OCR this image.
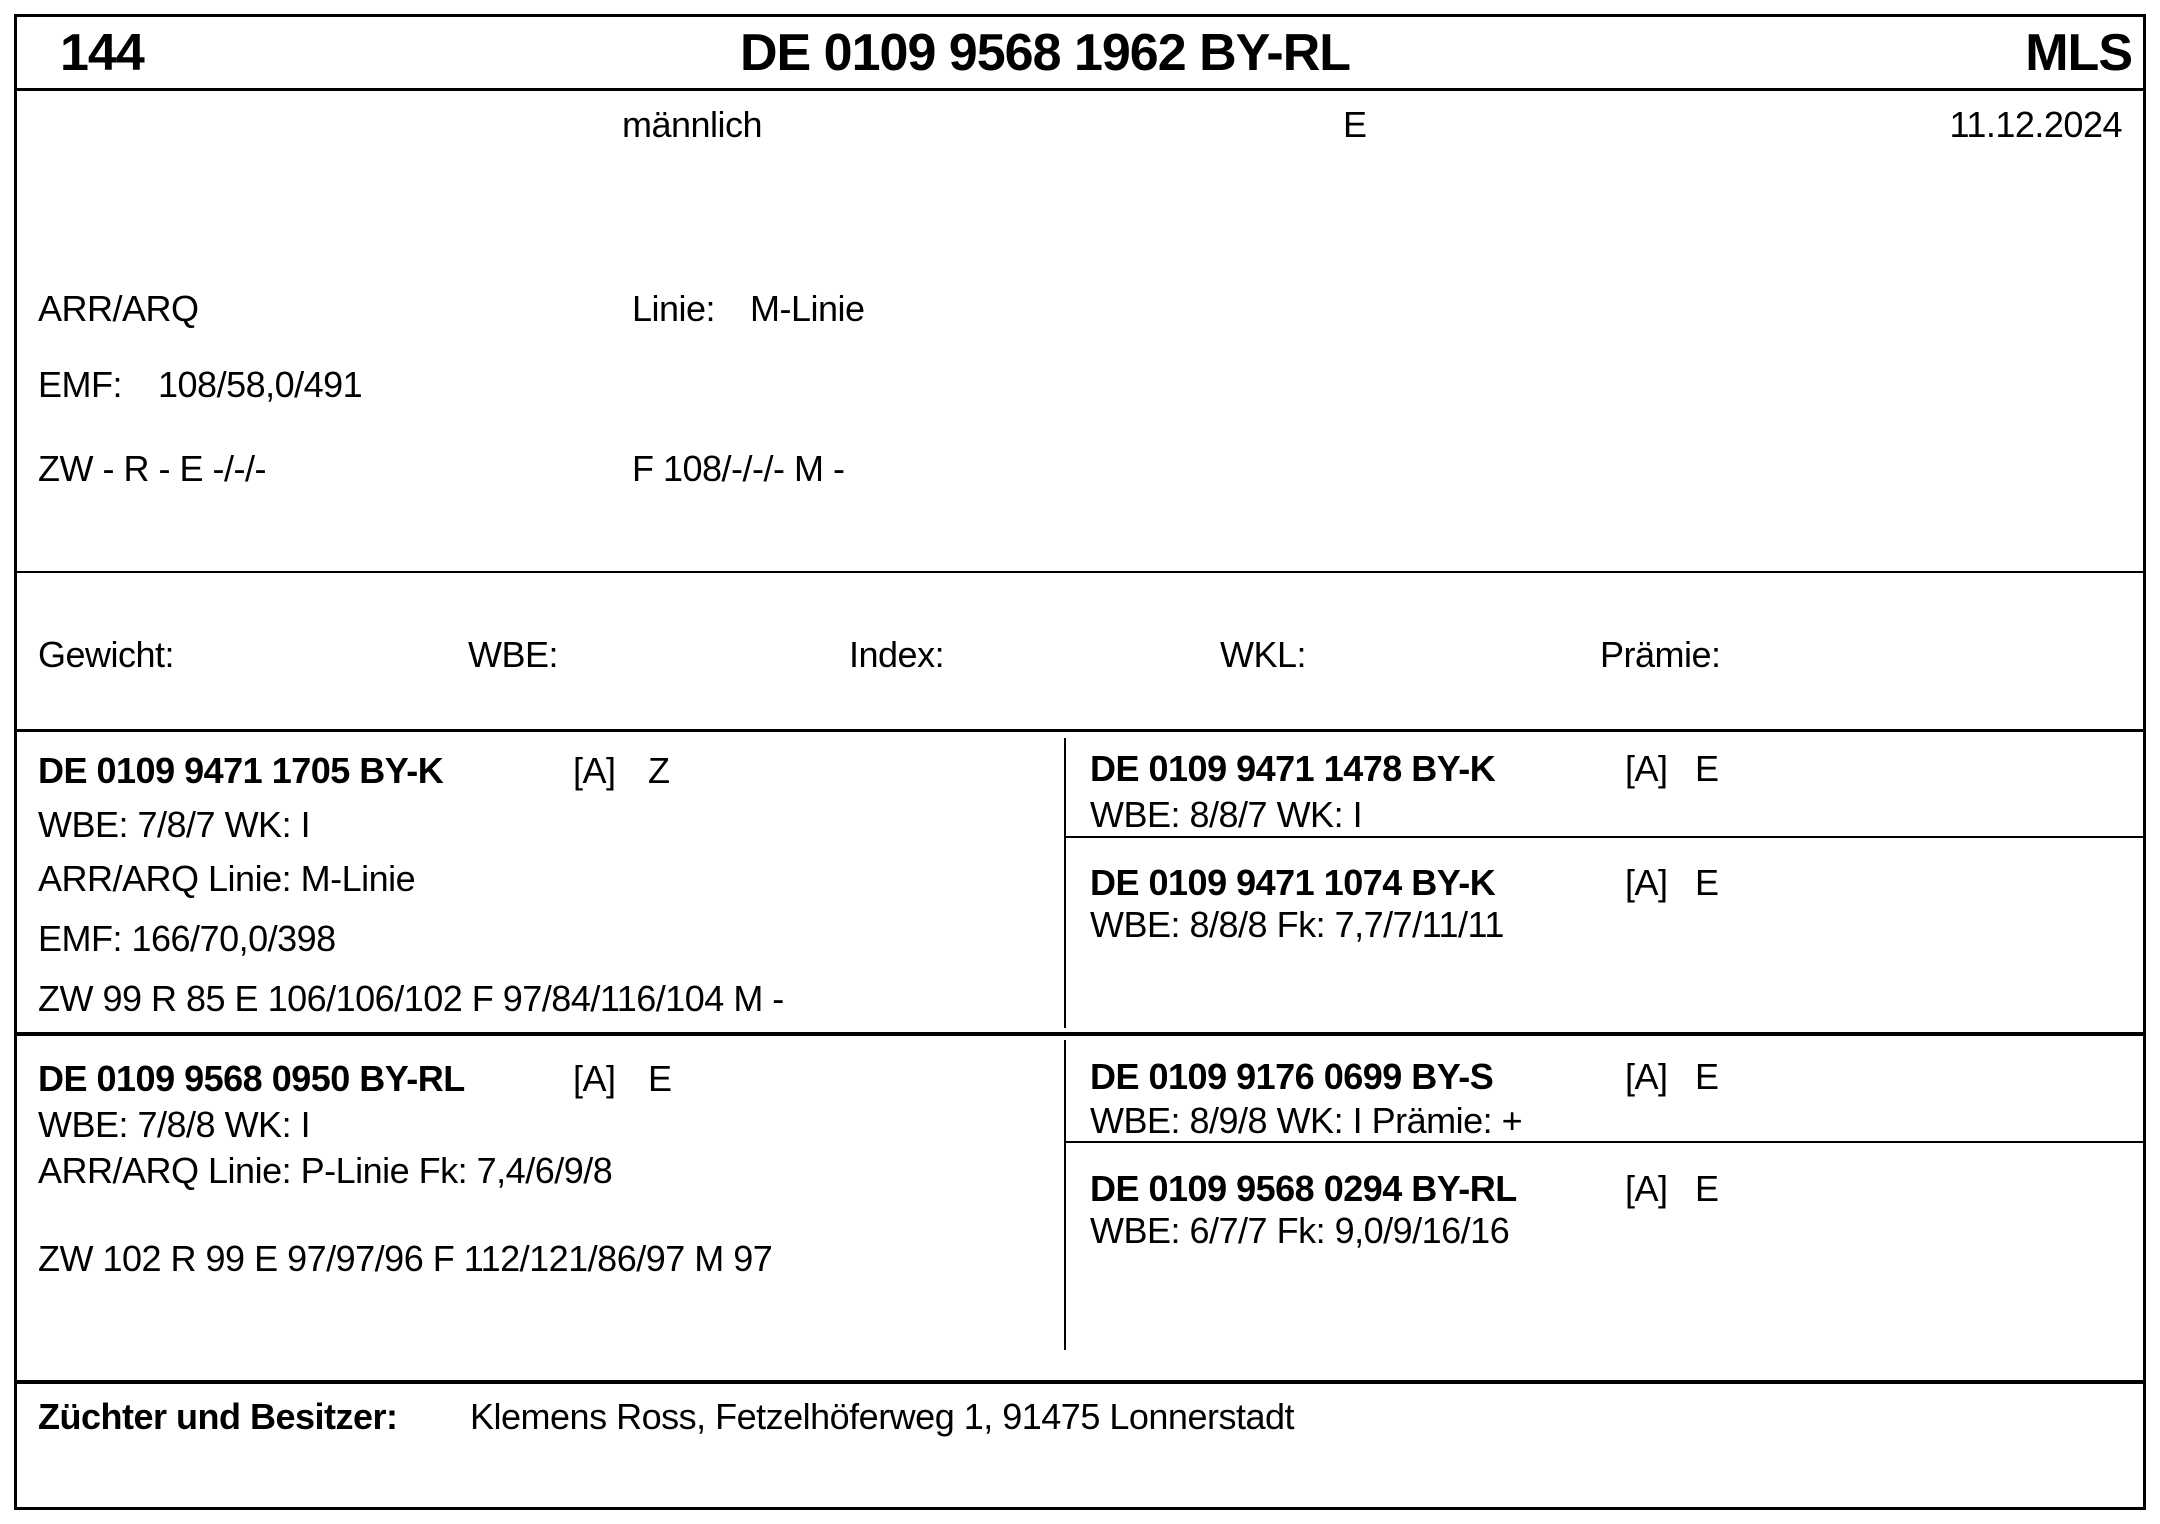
144	DE 0109 9568 1962 BY-RL	MLS
männlich	E	11.12.2024
ARR/ARQ	Linie: M-Linie
EMF: 108/58,0/491
ZW - R - E -/-/-	F 108/-/-/- M -
Gewicht:	WBE:	Index:	WKL:	Prämie:
DE 0109 9471 1705 BY-K	[A] Z
WBE: 7/8/7 WK: I
ARR/ARQ Linie: M-Linie
EMF: 166/70,0/398
ZW 99 R 85 E 106/106/102 F 97/84/116/104 M -
DE 0109 9471 1478 BY-K	[A] E
WBE: 8/8/7 WK: I
DE 0109 9471 1074 BY-K	[A] E
WBE: 8/8/8 Fk: 7,7/7/11/11
DE 0109 9568 0950 BY-RL	[A] E
WBE: 7/8/8 WK: I
ARR/ARQ Linie: P-Linie Fk: 7,4/6/9/8
ZW 102 R 99 E 97/97/96 F 112/121/86/97 M 97
DE 0109 9176 0699 BY-S	[A] E
WBE: 8/9/8 WK: I Prämie: +
DE 0109 9568 0294 BY-RL	[A] E
WBE: 6/7/7 Fk: 9,0/9/16/16
Züchter und Besitzer: Klemens Ross, Fetzelhöferweg 1, 91475 Lonnerstadt
